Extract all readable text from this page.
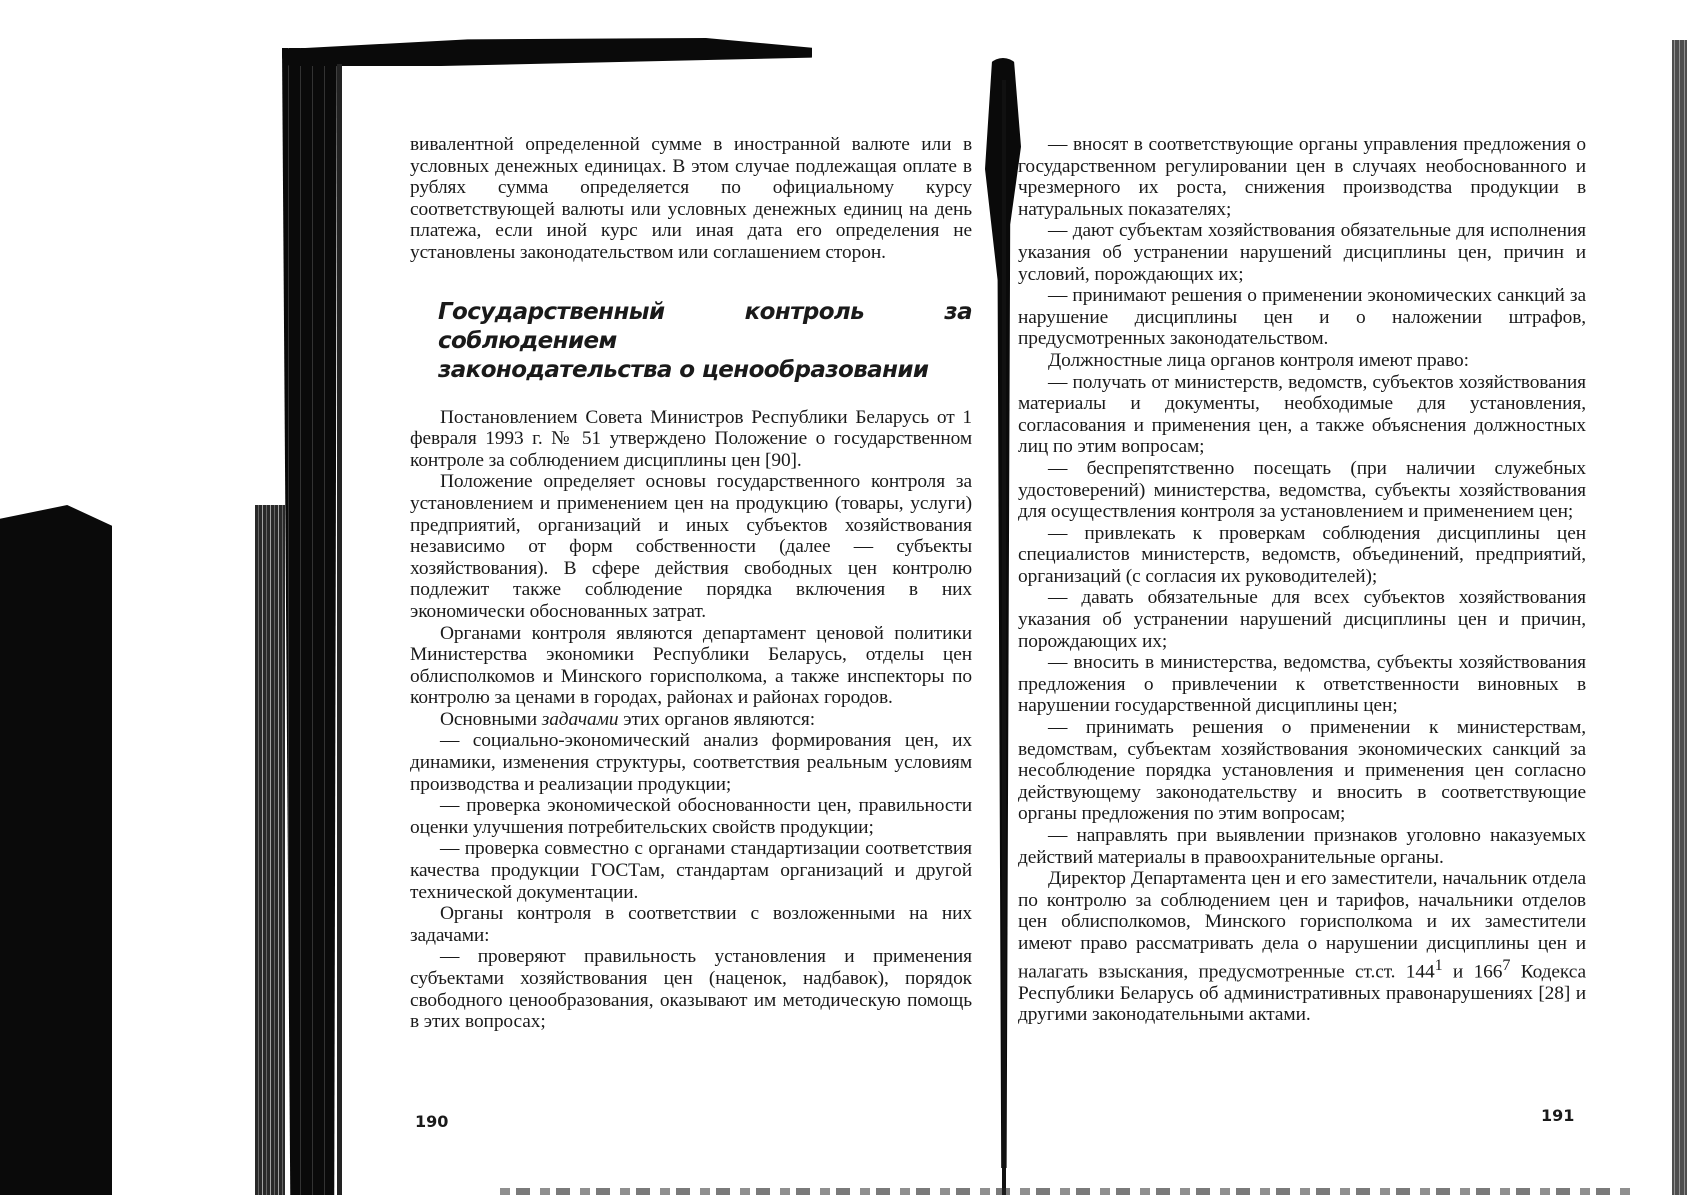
вивалентной определенной сумме в иностранной валюте или в условных денежных единицах. В этом случае подлежащая оплате в рублях сумма определяется по официальному курсу соответствующей валюты или условных денежных единиц на день платежа, если иной курс или иная дата его определения не установлены законодательством или соглашением сторон.

Государственный контроль за соблюдением
законодательства о ценообразовании

Постановлением Совета Министров Республики Беларусь от 1 февраля 1993 г. № 51 утверждено Положение о государственном контроле за соблюдением дисциплины цен [90].

Положение определяет основы государственного контроля за установлением и применением цен на продукцию (товары, услуги) предприятий, организаций и иных субъектов хозяйствования независимо от форм собственности (далее — субъекты хозяйствования). В сфере действия свободных цен контролю подлежит также соблюдение порядка включения в них экономически обоснованных затрат.

Органами контроля являются департамент ценовой политики Министерства экономики Республики Беларусь, отделы цен облисполкомов и Минского горисполкома, а также инспекторы по контролю за ценами в городах, районах и районах городов.

Основными задачами этих органов являются:

— социально-экономический анализ формирования цен, их динамики, изменения структуры, соответствия реальным условиям производства и реализации продукции;

— проверка экономической обоснованности цен, правильности оценки улучшения потребительских свойств продукции;

— проверка совместно с органами стандартизации соответствия качества продукции ГОСТам, стандартам организаций и другой технической документации.

Органы контроля в соответствии с возложенными на них задачами:

— проверяют правильность установления и применения субъектами хозяйствования цен (наценок, надбавок), порядок свободного ценообразования, оказывают им методическую помощь в этих вопросах;

190

— вносят в соответствующие органы управления предложения о государственном регулировании цен в случаях необоснованного и чрезмерного их роста, снижения производства продукции в натуральных показателях;

— дают субъектам хозяйствования обязательные для исполнения указания об устранении нарушений дисциплины цен, причин и условий, порождающих их;

— принимают решения о применении экономических санкций за нарушение дисциплины цен и о наложении штрафов, предусмотренных законодательством.

Должностные лица органов контроля имеют право:

— получать от министерств, ведомств, субъектов хозяйствования материалы и документы, необходимые для установления, согласования и применения цен, а также объяснения должностных лиц по этим вопросам;

— беспрепятственно посещать (при наличии служебных удостоверений) министерства, ведомства, субъекты хозяйствования для осуществления контроля за установлением и применением цен;

— привлекать к проверкам соблюдения дисциплины цен специалистов министерств, ведомств, объединений, предприятий, организаций (с согласия их руководителей);

— давать обязательные для всех субъектов хозяйствования указания об устранении нарушений дисциплины цен и причин, порождающих их;

— вносить в министерства, ведомства, субъекты хозяйствования предложения о привлечении к ответственности виновных в нарушении государственной дисциплины цен;

— принимать решения о применении к министерствам, ведомствам, субъектам хозяйствования экономических санкций за несоблюдение порядка установления и применения цен согласно действующему законодательству и вносить в соответствующие органы предложения по этим вопросам;

— направлять при выявлении признаков уголовно наказуемых действий материалы в правоохранительные органы.

Директор Департамента цен и его заместители, начальник отдела по контролю за соблюдением цен и тарифов, начальники отделов цен облисполкомов, Минского горисполкома и их заместители имеют право рассматривать дела о нарушении дисциплины цен и налагать взыскания, предусмотренные ст.ст. $144^1$ и $166^7$ Кодекса Республики Беларусь об административных правонарушениях [28] и другими законодательными актами.

191
